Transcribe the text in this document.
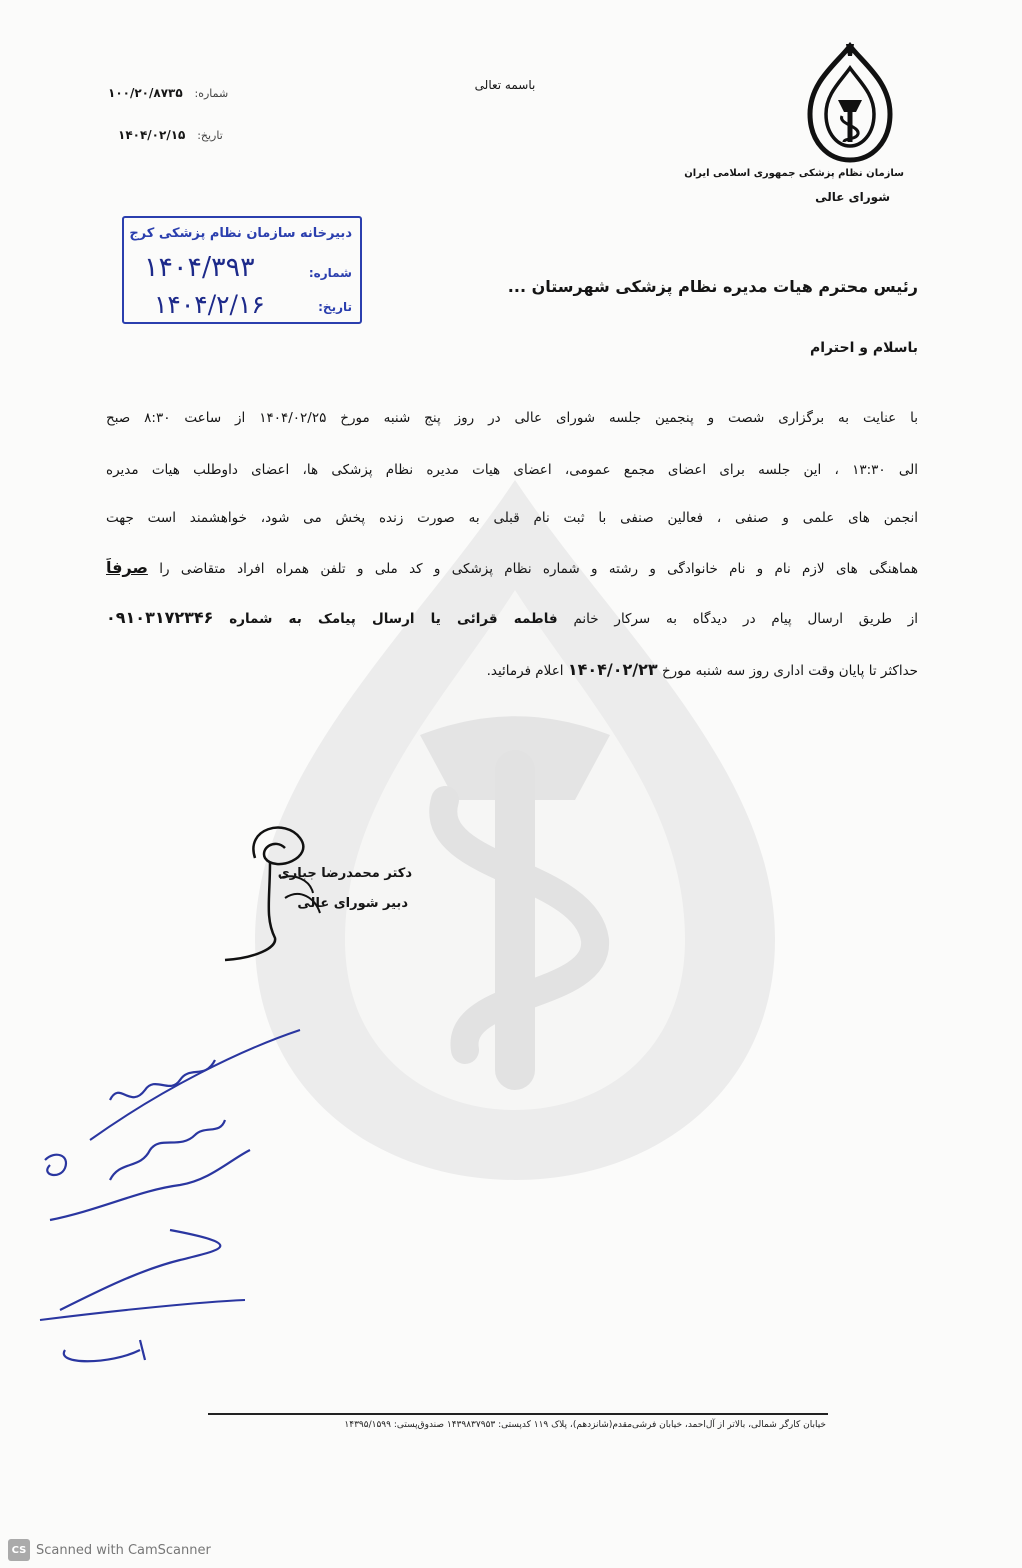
سازمان نظام پزشکی جمهوری اسلامی ایران
شورای عالی
باسمه تعالی
شماره: ۱۰۰/۲۰/۸۷۳۵
تاریخ: ۱۴۰۴/۰۲/۱۵
دبیرخانه سازمان نظام پزشکی کرج
شماره:
۱۴۰۴/۳۹۳
تاریخ:
۱۴۰۴/۲/۱۶
رئیس محترم هیات مدیره نظام پزشکی شهرستان ...
باسلام و احترام
با عنایت به برگزاری شصت و پنجمین جلسه شورای عالی در روز پنج شنبه مورخ ۱۴۰۴/۰۲/۲۵ از ساعت ۸:۳۰ صبح
الی ۱۳:۳۰ ، این جلسه برای اعضای مجمع عمومی، اعضای هیات مدیره نظام پزشکی ها، اعضای داوطلب هیات مدیره
انجمن های علمی و صنفی ، فعالین صنفی با ثبت نام قبلی به صورت زنده پخش می شود، خواهشمند است جهت
هماهنگی های لازم نام و نام خانوادگی و رشته و شماره نظام پزشکی و کد ملی و تلفن همراه افراد متقاضی را صرفاً
از طریق ارسال پیام در دیدگاه به سرکار خانم فاطمه قرائی یا ارسال پیامک به شماره ۰۹۱۰۳۱۷۲۳۴۶
حداکثر تا پایان وقت اداری روز سه شنبه مورخ ۱۴۰۴/۰۲/۲۳ اعلام فرمائید.
دکتر محمدرضا جباری
دبیر شورای عالی
خیابان کارگر شمالی، بالاتر از آل‌احمد، خیابان فرشی‌مقدم(شانزدهم)، پلاک ۱۱۹ کدپستی: ۱۴۳۹۸۳۷۹۵۳ صندوق‌پستی: ۱۴۳۹۵/۱۵۹۹
CS Scanned with CamScanner
